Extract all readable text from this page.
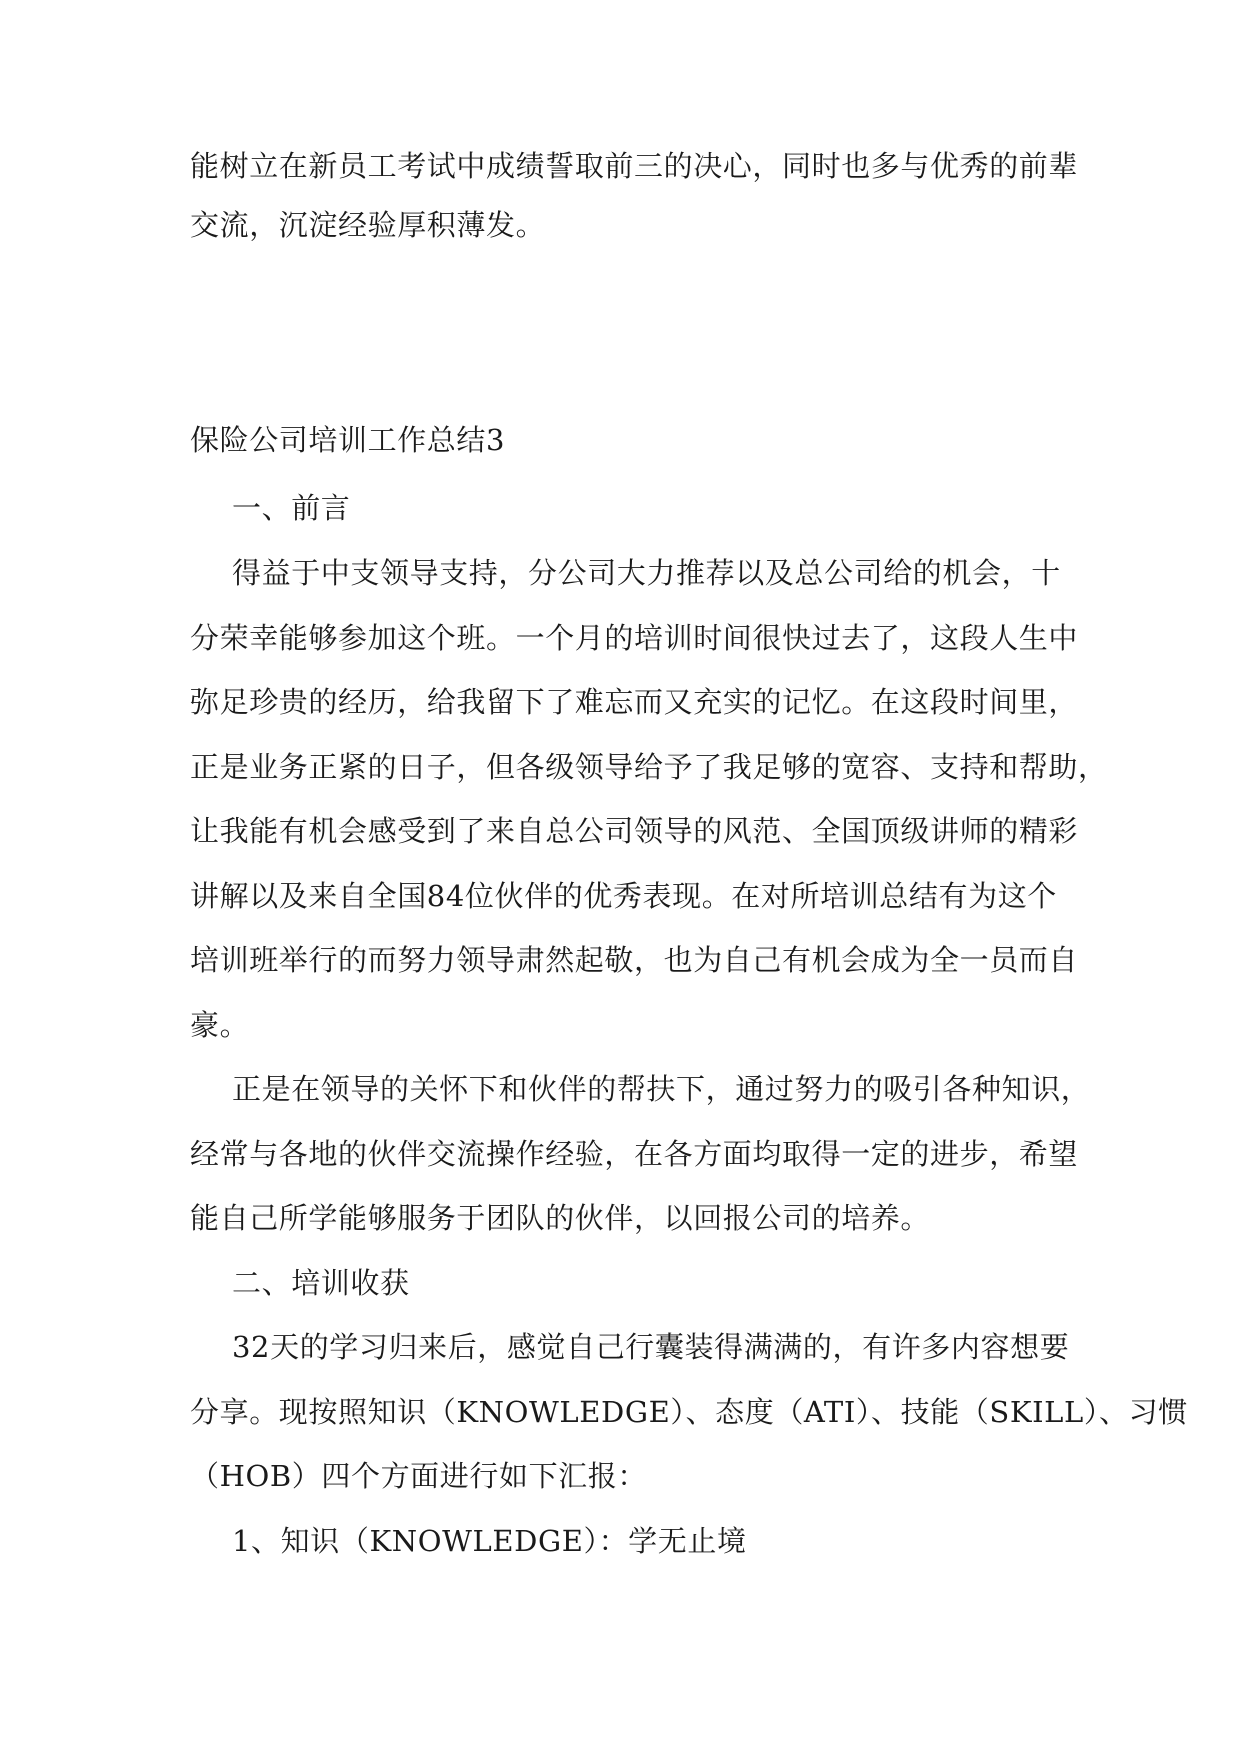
能树立在新员工考试中成绩誓取前三的决心，同时也多与优秀的前辈
交流，沉淀经验厚积薄发。
保险公司培训工作总结3
一、前言
得益于中支领导支持，分公司大力推荐以及总公司给的机会，十
分荣幸能够参加这个班。一个月的培训时间很快过去了，这段人生中
弥足珍贵的经历，给我留下了难忘而又充实的记忆。在这段时间里，
正是业务正紧的日子，但各级领导给予了我足够的宽容、支持和帮助，
让我能有机会感受到了来自总公司领导的风范、全国顶级讲师的精彩
讲解以及来自全国84位伙伴的优秀表现。在对所培训总结有为这个
培训班举行的而努力领导肃然起敬，也为自己有机会成为全一员而自
豪。
正是在领导的关怀下和伙伴的帮扶下，通过努力的吸引各种知识，
经常与各地的伙伴交流操作经验，在各方面均取得一定的进步，希望
能自己所学能够服务于团队的伙伴，以回报公司的培养。
二、培训收获
32天的学习归来后，感觉自己行囊装得满满的，有许多内容想要
分享。现按照知识（KNOWLEDGE）、态度（ATI）、技能（SKILL）、习惯
（HOB）四个方面进行如下汇报：
1、知识（KNOWLEDGE）：学无止境
